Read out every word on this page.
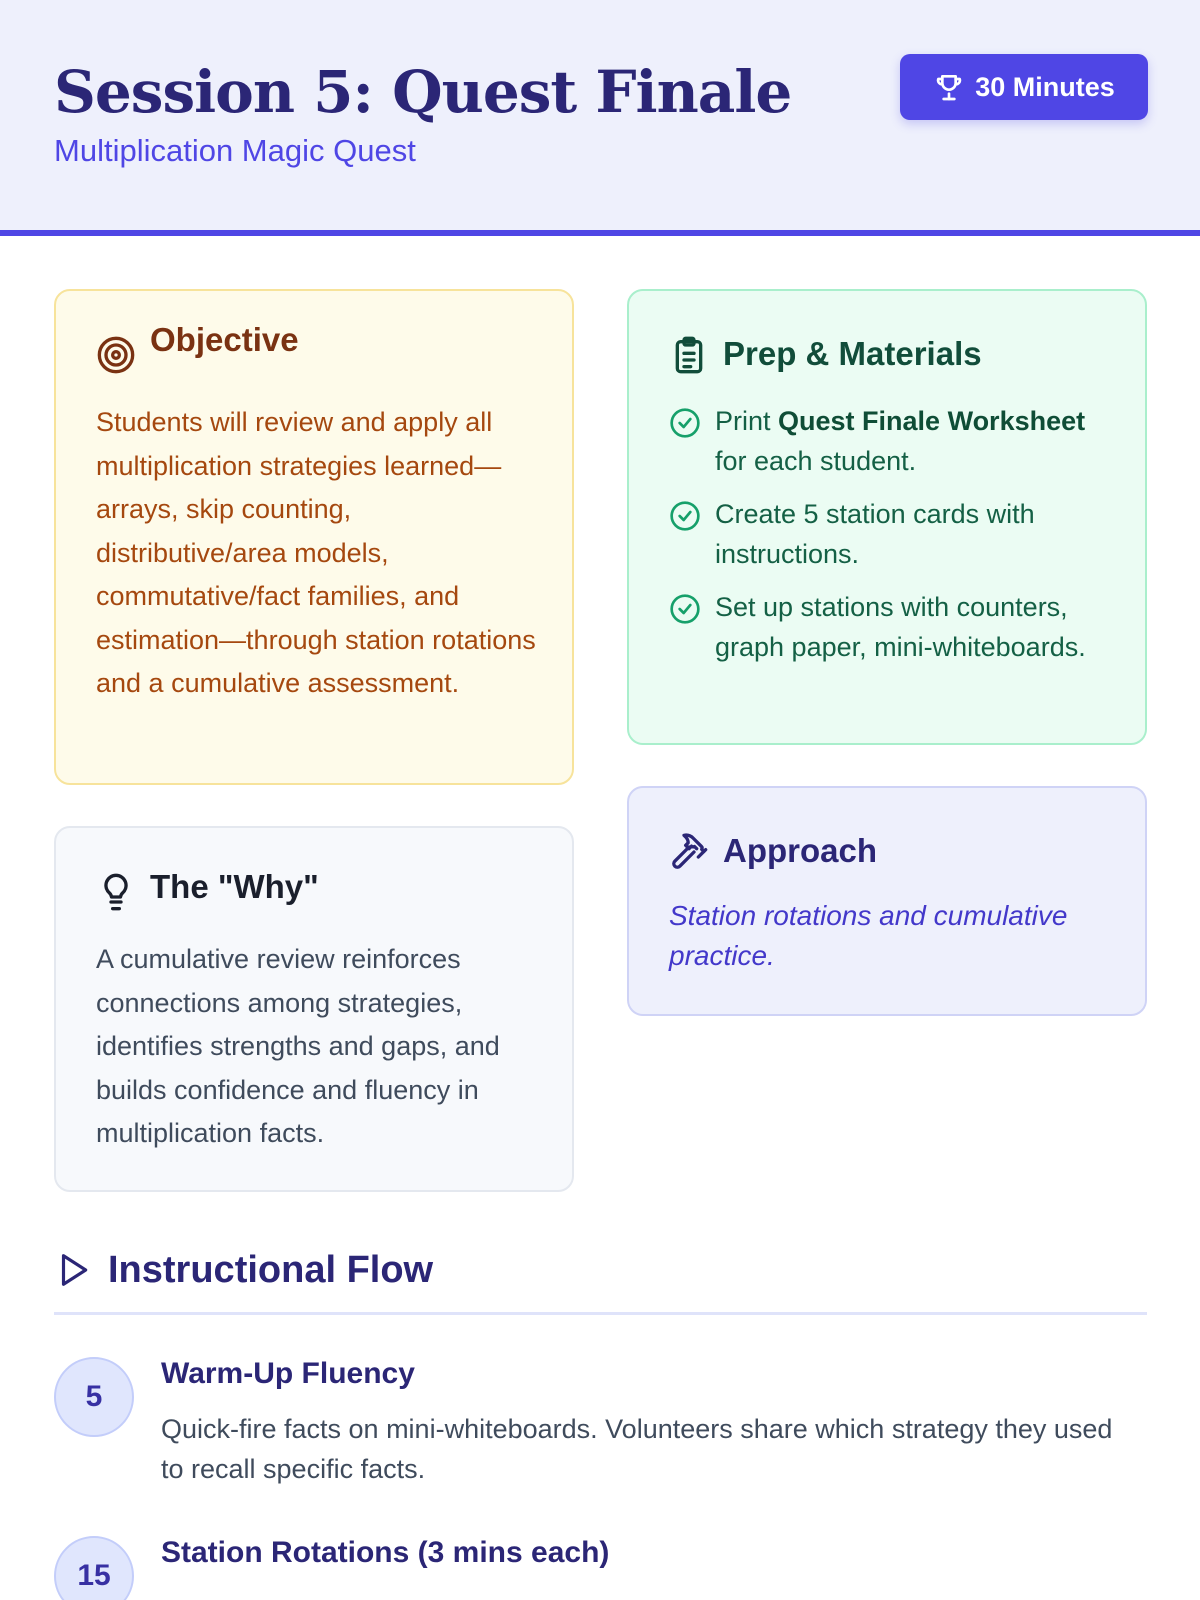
Session 5: Quest Finale
Multiplication Magic Quest
30 Minutes
Objective
Students will review and apply all multiplication strategies learned—arrays, skip counting, distributive/area models, commutative/fact families, and estimation—through station rotations and a cumulative assessment.
Prep & Materials
Print Quest Finale Worksheet for each student.
Create 5 station cards with instructions.
Set up stations with counters, graph paper, mini-whiteboards.
The "Why"
A cumulative review reinforces connections among strategies, identifies strengths and gaps, and builds confidence and fluency in multiplication facts.
Approach
Station rotations and cumulative practice.
Instructional Flow
5
Warm-Up Fluency
Quick-fire facts on mini-whiteboards. Volunteers share which strategy they used to recall specific facts.
15
Station Rotations (3 mins each)
